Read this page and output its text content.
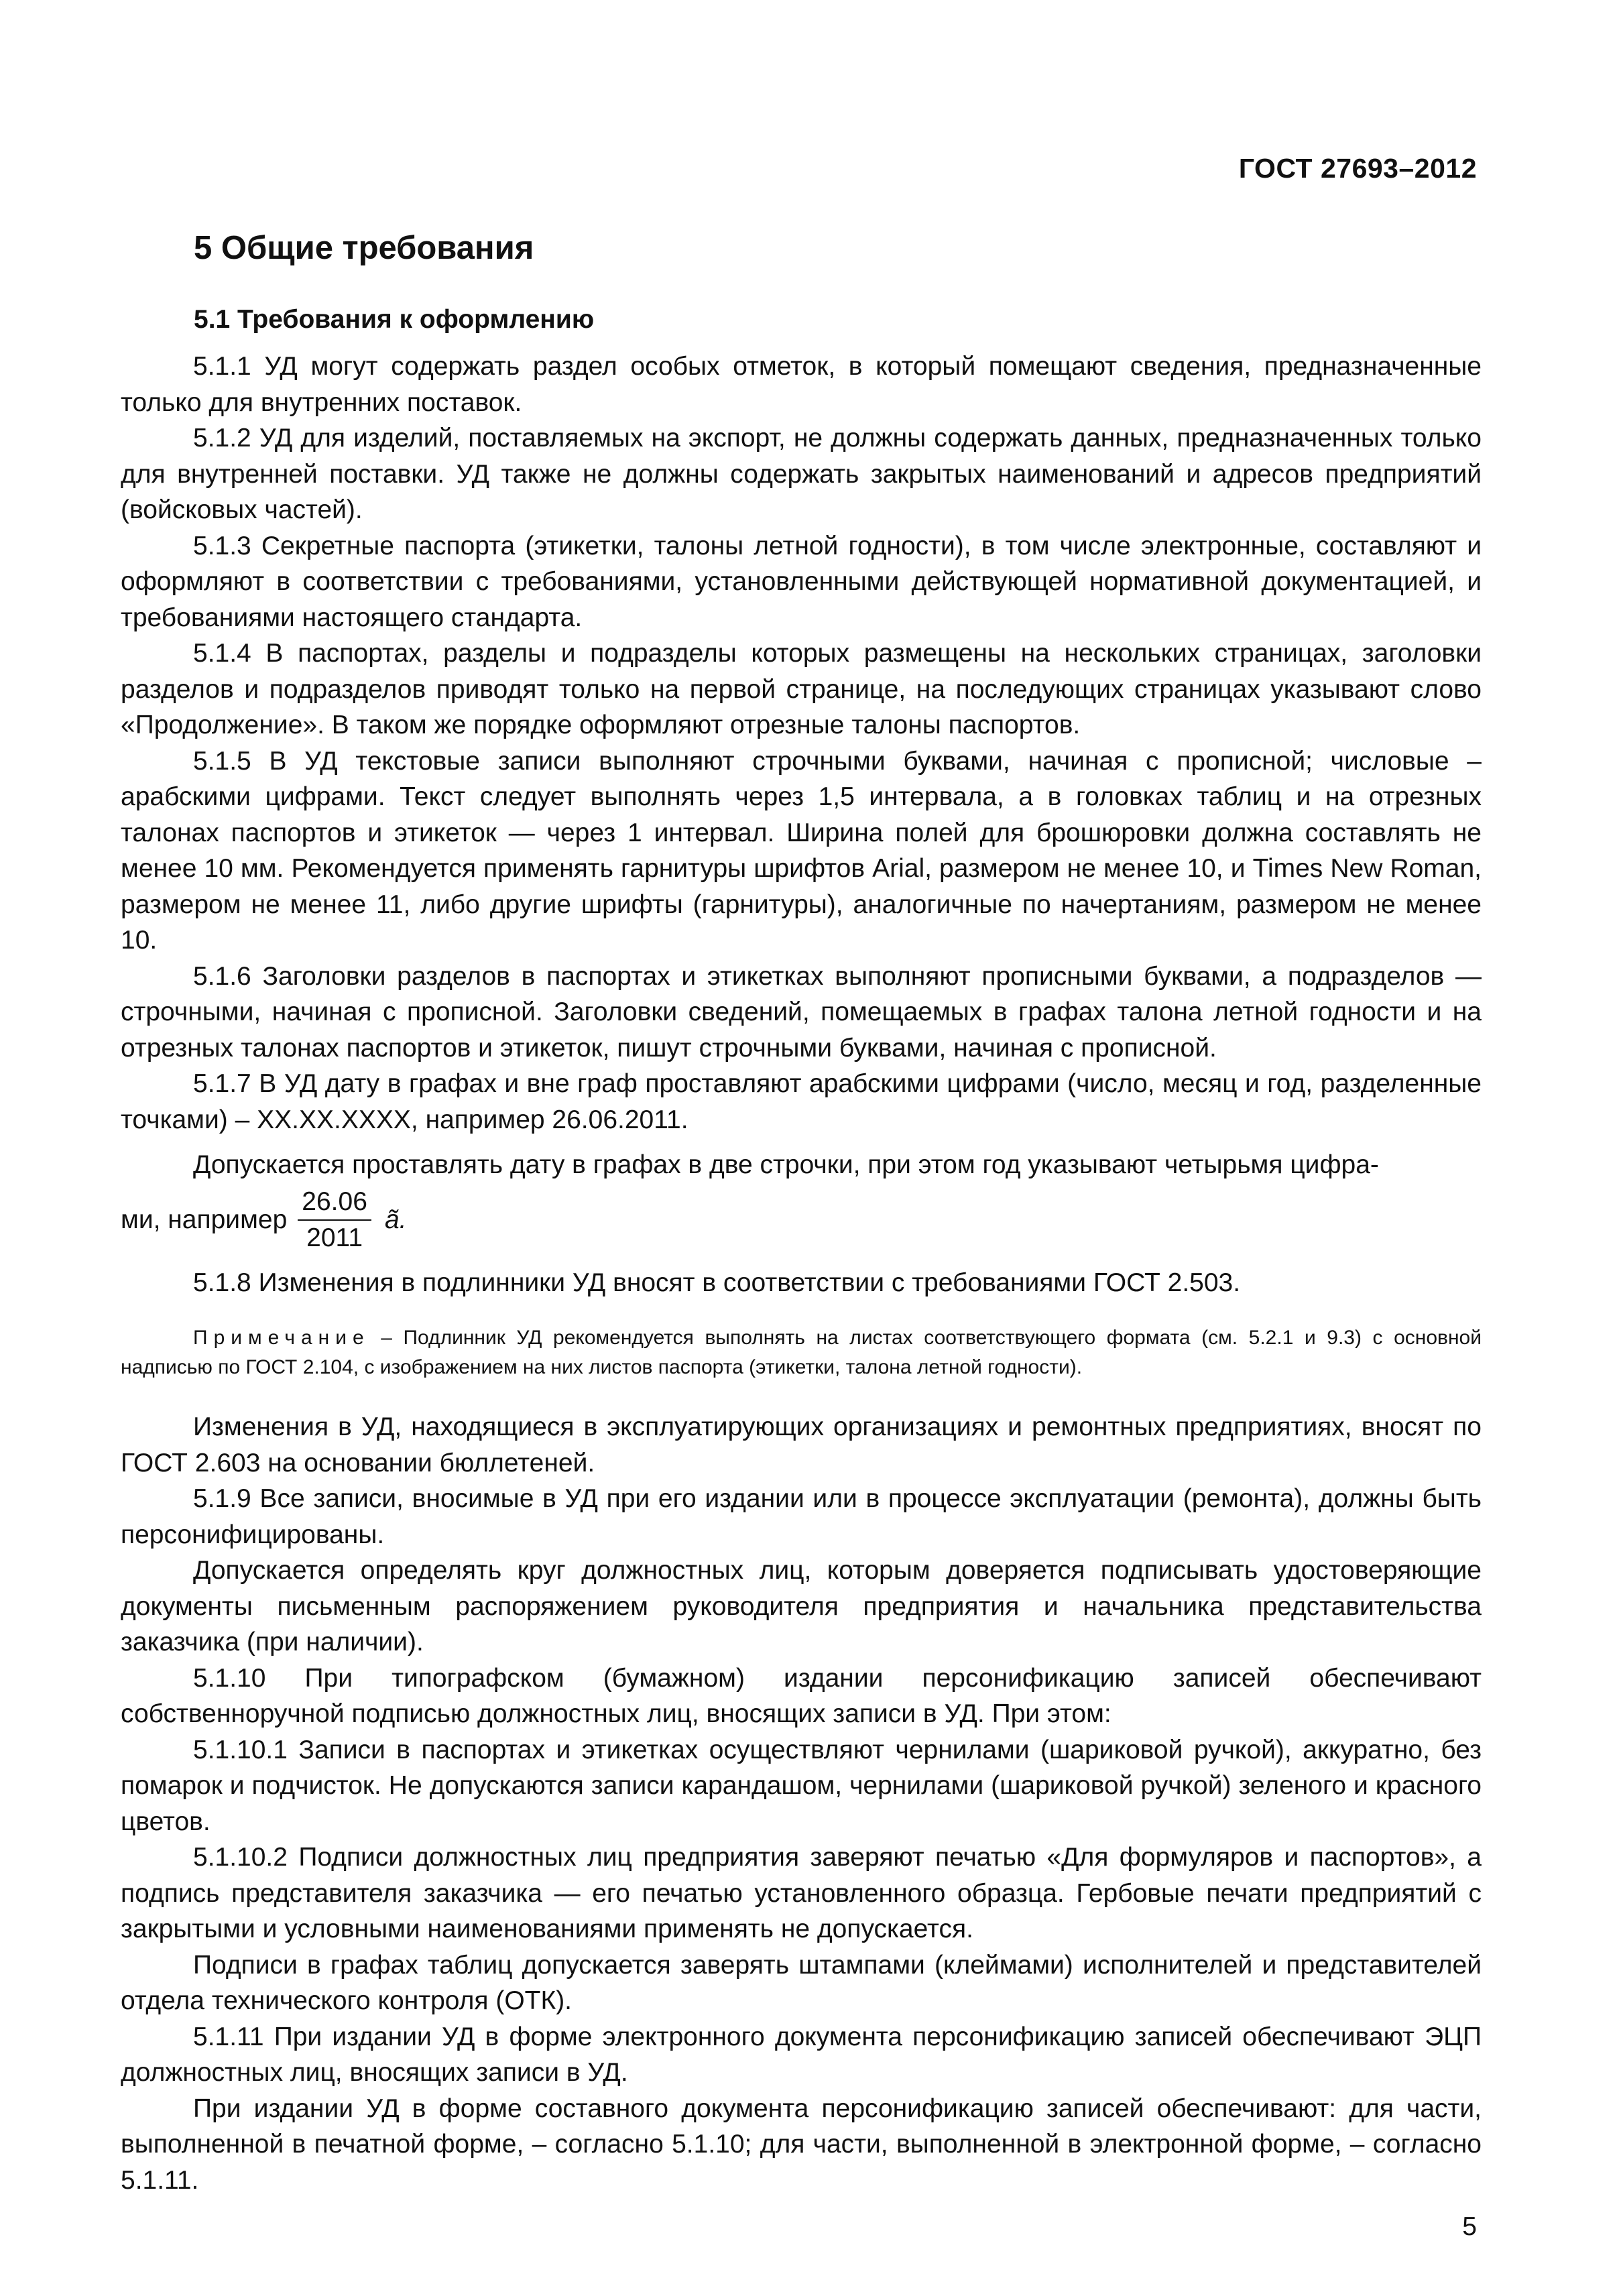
ГОСТ 27693–2012
5 Общие требования
5.1 Требования к оформлению

5.1.1 УД могут содержать раздел особых отметок, в который помещают сведения, предназначенные только для внутренних поставок.

5.1.2 УД для изделий, поставляемых на экспорт, не должны содержать данных, предназначенных только для внутренней поставки. УД также не должны содержать закрытых наименований и адресов предприятий (войсковых частей).

5.1.3 Секретные паспорта (этикетки, талоны летной годности), в том числе электронные, составляют и оформляют в соответствии с требованиями, установленными действующей нормативной документацией, и требованиями настоящего стандарта.

5.1.4 В паспортах, разделы и подразделы которых размещены на нескольких страницах, заголовки разделов и подразделов приводят только на первой странице, на последующих страницах указывают слово «Продолжение». В таком же порядке оформляют отрезные талоны паспортов.

5.1.5 В УД текстовые записи выполняют строчными буквами, начиная с прописной; числовые – арабскими цифрами. Текст следует выполнять через 1,5 интервала, а в головках таблиц и на отрезных талонах паспортов и этикеток — через 1 интервал. Ширина полей для брошюровки должна составлять не менее 10 мм. Рекомендуется применять гарнитуры шрифтов Arial, размером не менее 10, и Times New Roman, размером не менее 11, либо другие шрифты (гарнитуры), аналогичные по начертаниям, размером не менее 10.

5.1.6 Заголовки разделов в паспортах и этикетках выполняют прописными буквами, а подразделов — строчными, начиная с прописной. Заголовки сведений, помещаемых в графах талона летной годности и на отрезных талонах паспортов и этикеток, пишут строчными буквами, начиная с прописной.

5.1.7 В УД дату в графах и вне граф проставляют арабскими цифрами (число, месяц и год, разделенные точками) – XX.XX.XXXX, например 26.06.2011.

Допускается проставлять дату в графах в две строчки, при этом год указывают четырьмя цифра-

ми, например $\frac{26.06}{2011}$ ã.

5.1.8 Изменения в подлинники УД вносят в соответствии с требованиями ГОСТ 2.503.

Примечание – Подлинник УД рекомендуется выполнять на листах соответствующего формата (см. 5.2.1 и 9.3) с основной надписью по ГОСТ 2.104, с изображением на них листов паспорта (этикетки, талона летной годности).

Изменения в УД, находящиеся в эксплуатирующих организациях и ремонтных предприятиях, вносят по ГОСТ 2.603 на основании бюллетеней.

5.1.9 Все записи, вносимые в УД при его издании или в процессе эксплуатации (ремонта), должны быть персонифицированы.

Допускается определять круг должностных лиц, которым доверяется подписывать удостоверяющие документы письменным распоряжением руководителя предприятия и начальника представительства заказчика (при наличии).

5.1.10 При типографском (бумажном) издании персонификацию записей обеспечивают собственноручной подписью должностных лиц, вносящих записи в УД. При этом:

5.1.10.1 Записи в паспортах и этикетках осуществляют чернилами (шариковой ручкой), аккуратно, без помарок и подчисток. Не допускаются записи карандашом, чернилами (шариковой ручкой) зеленого и красного цветов.

5.1.10.2 Подписи должностных лиц предприятия заверяют печатью «Для формуляров и паспортов», а подпись представителя заказчика — его печатью установленного образца. Гербовые печати предприятий с закрытыми и условными наименованиями применять не допускается.

Подписи в графах таблиц допускается заверять штампами (клеймами) исполнителей и представителей отдела технического контроля (ОТК).

5.1.11 При издании УД в форме электронного документа персонификацию записей обеспечивают ЭЦП должностных лиц, вносящих записи в УД.

При издании УД в форме составного документа персонификацию записей обеспечивают: для части, выполненной в печатной форме, – согласно 5.1.10; для части, выполненной в электронной форме, – согласно 5.1.11.

5
